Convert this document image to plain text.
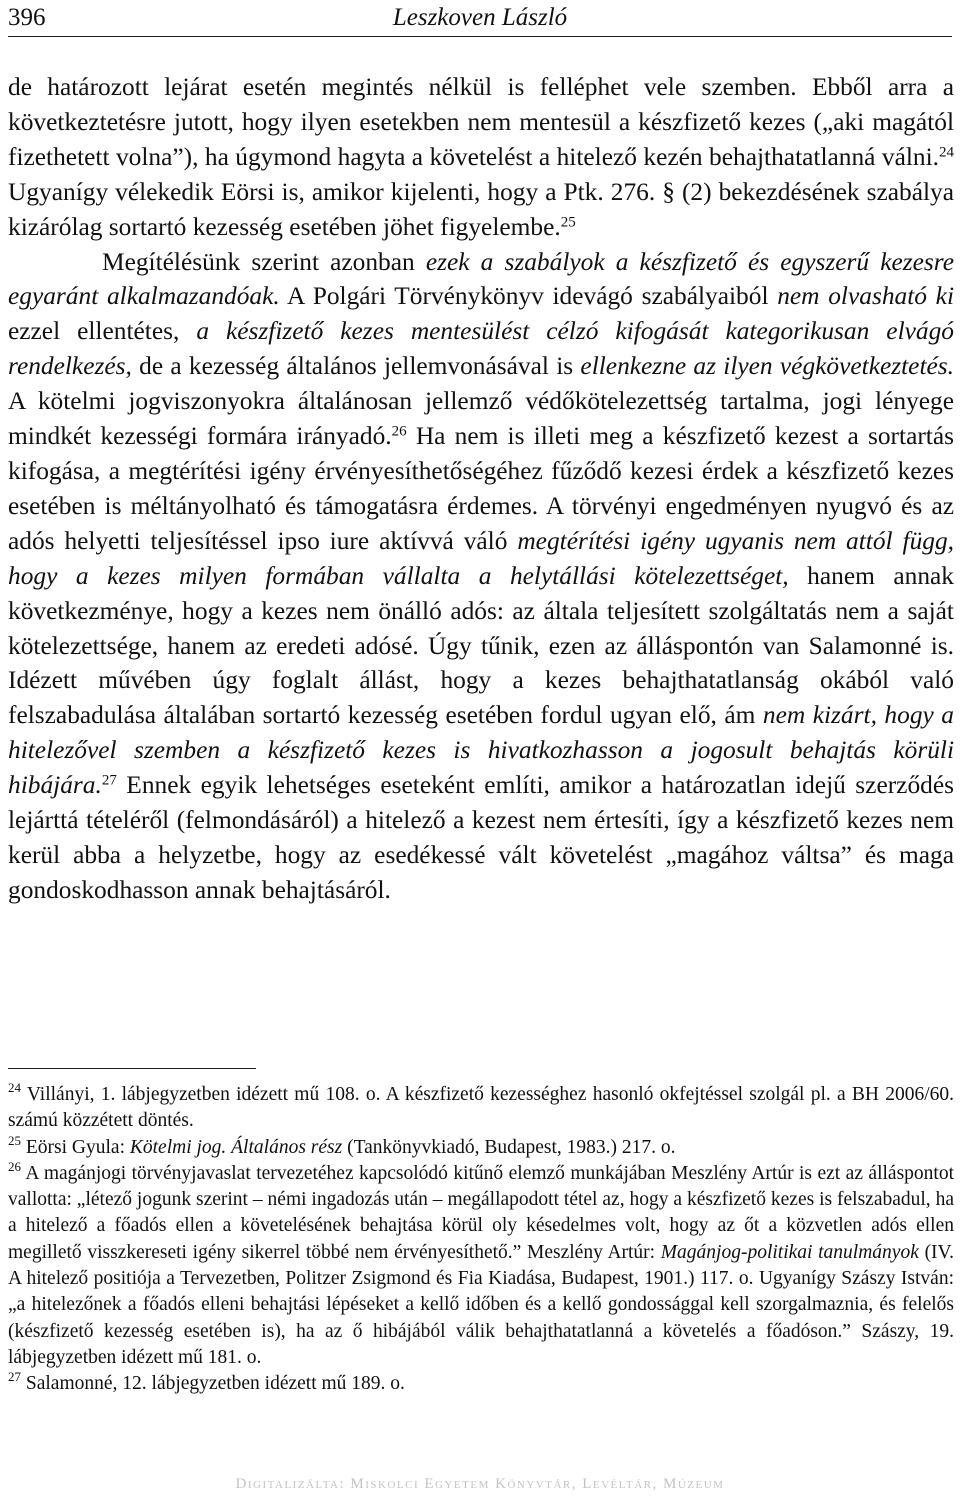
396	Leszkoven László

de határozott lejárat esetén megintés nélkül is felléphet vele szemben. Ebből arra a következtetésre jutott, hogy ilyen esetekben nem mentesül a készfizető kezes („aki magától fizethetett volna”), ha úgymond hagyta a követelést a hitelező kezén behajthatatlanná válni.$^{24}$ Ugyanígy vélekedik Eörsi is, amikor kijelenti, hogy a Ptk. 276. § (2) bekezdésének szabálya kizárólag sortartó kezesség esetében jöhet figyelembe.$^{25}$

Megítélésünk szerint azonban ezek a szabályok a készfizető és egyszerű kezesre egyaránt alkalmazandóak. A Polgári Törvénykönyv idevágó szabályaiból nem olvasható ki ezzel ellentétes, a készfizető kezes mentesülést célzó kifogását kategorikusan elvágó rendelkezés, de a kezesség általános jellemvonásával is ellenkezne az ilyen végkövetkeztetés. A kötelmi jogviszonyokra általánosan jellemző védőkötelezettség tartalma, jogi lényege mindkét kezességi formára irányadó.$^{26}$ Ha nem is illeti meg a készfizető kezest a sortartás kifogása, a megtérítési igény érvényesíthetőségéhez fűződő kezesi érdek a készfizető kezes esetében is méltányolható és támogatásra érdemes. A törvényi engedményen nyugvó és az adós helyetti teljesítéssel ipso iure aktívvá váló megtérítési igény ugyanis nem attól függ, hogy a kezes milyen formában vállalta a helytállási kötelezettséget, hanem annak következménye, hogy a kezes nem önálló adós: az általa teljesített szolgáltatás nem a saját kötelezettsége, hanem az eredeti adósé. Úgy tűnik, ezen az álláspontón van Salamonné is. Idézett művében úgy foglalt állást, hogy a kezes behajthatatlanság okából való felszabadulása általában sortartó kezesség esetében fordul ugyan elő, ám nem kizárt, hogy a hitelezővel szemben a készfizető kezes is hivatkozhasson a jogosult behajtás körüli hibájára.$^{27}$ Ennek egyik lehetséges eseteként említi, amikor a határozatlan idejű szerződés lejárttá tételéről (felmondásáról) a hitelező a kezest nem értesíti, így a készfizető kezes nem kerül abba a helyzetbe, hogy az esedékessé vált követelést „magához váltsa” és maga gondoskodhasson annak behajtásáról.

$^{24}$ Villányi, 1. lábjegyzetben idézett mű 108. o. A készfizető kezességhez hasonló okfejtéssel szolgál pl. a BH 2006/60. számú közzétett döntés.

$^{25}$ Eörsi Gyula: Kötelmi jog. Általános rész (Tankönyvkiadó, Budapest, 1983.) 217. o.

$^{26}$ A magánjogi törvényjavaslat tervezetéhez kapcsolódó kitűnő elemző munkájában Meszlény Artúr is ezt az álláspontot vallotta: „létező jogunk szerint – némi ingadozás után – megállapodott tétel az, hogy a készfizető kezes is felszabadul, ha a hitelező a főadós ellen a követelésének behajtása körül oly késedelmes volt, hogy az őt a közvetlen adós ellen megillető visszkereseti igény sikerrel többé nem érvényesíthető.” Meszlény Artúr: Magánjog-politikai tanulmányok (IV. A hitelező positiója a Tervezetben, Politzer Zsigmond és Fia Kiadása, Budapest, 1901.) 117. o. Ugyanígy Szászy István: „a hitelezőnek a főadós elleni behajtási lépéseket a kellő időben és a kellő gondossággal kell szorgalmaznia, és felelős (készfizető kezesség esetében is), ha az ő hibájából válik behajthatatlanná a követelés a főadóson.” Szászy, 19. lábjegyzetben idézett mű 181. o.

$^{27}$ Salamonné, 12. lábjegyzetben idézett mű 189. o.

Digitalizálta: Miskolci Egyetem Könyvtár, Levéltár, Múzeum
